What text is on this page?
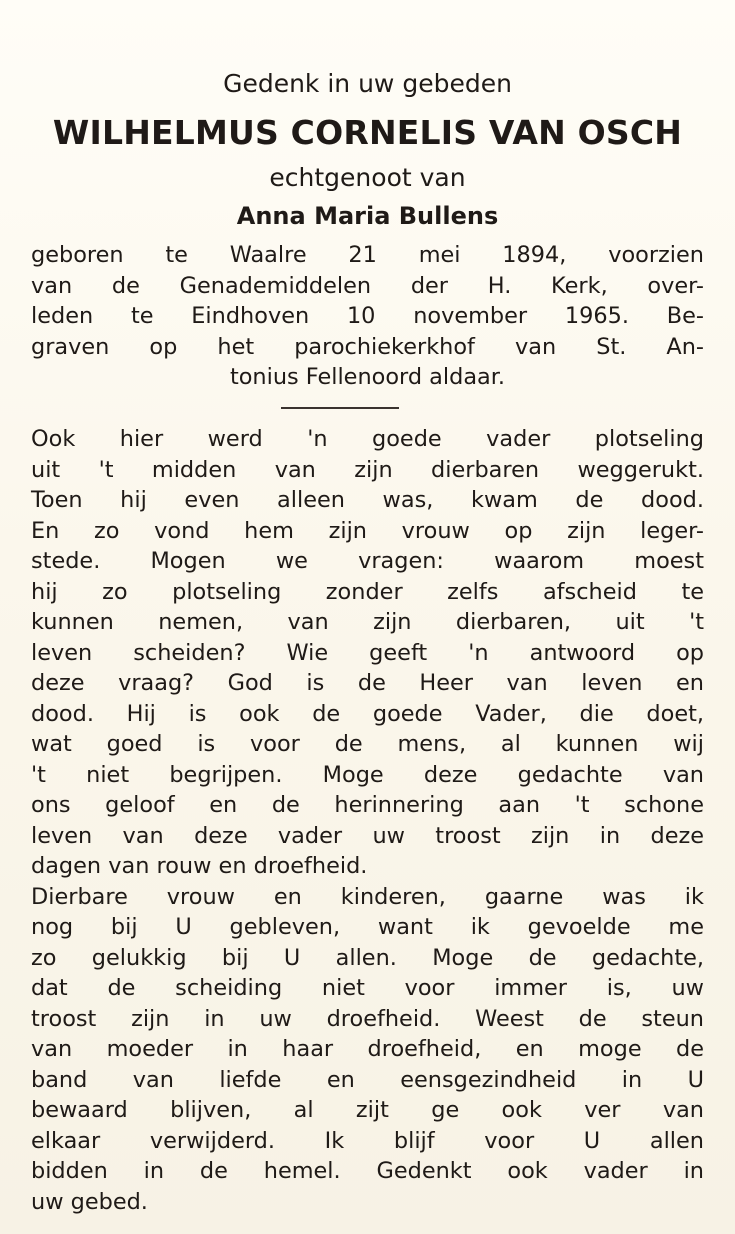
Gedenk in uw gebeden
WILHELMUS CORNELIS VAN OSCH
echtgenoot van
Anna Maria Bullens
geboren te Waalre 21 mei 1894, voorzien
van de Genademiddelen der H. Kerk, over-
leden te Eindhoven 10 november 1965. Be-
graven op het parochiekerkhof van St. An-
tonius Fellenoord aldaar.
Ook hier werd 'n goede vader plotseling
uit 't midden van zijn dierbaren weggerukt.
Toen hij even alleen was, kwam de dood.
En zo vond hem zijn vrouw op zijn leger-
stede. Mogen we vragen: waarom moest
hij zo plotseling zonder zelfs afscheid te
kunnen nemen, van zijn dierbaren, uit 't
leven scheiden? Wie geeft 'n antwoord op
deze vraag? God is de Heer van leven en
dood. Hij is ook de goede Vader, die doet,
wat goed is voor de mens, al kunnen wij
't niet begrijpen. Moge deze gedachte van
ons geloof en de herinnering aan 't schone
leven van deze vader uw troost zijn in deze
dagen van rouw en droefheid.
Dierbare vrouw en kinderen, gaarne was ik
nog bij U gebleven, want ik gevoelde me
zo gelukkig bij U allen. Moge de gedachte,
dat de scheiding niet voor immer is, uw
troost zijn in uw droefheid. Weest de steun
van moeder in haar droefheid, en moge de
band van liefde en eensgezindheid in U
bewaard blijven, al zijt ge ook ver van
elkaar verwijderd. Ik blijf voor U allen
bidden in de hemel. Gedenkt ook vader in
uw gebed.
